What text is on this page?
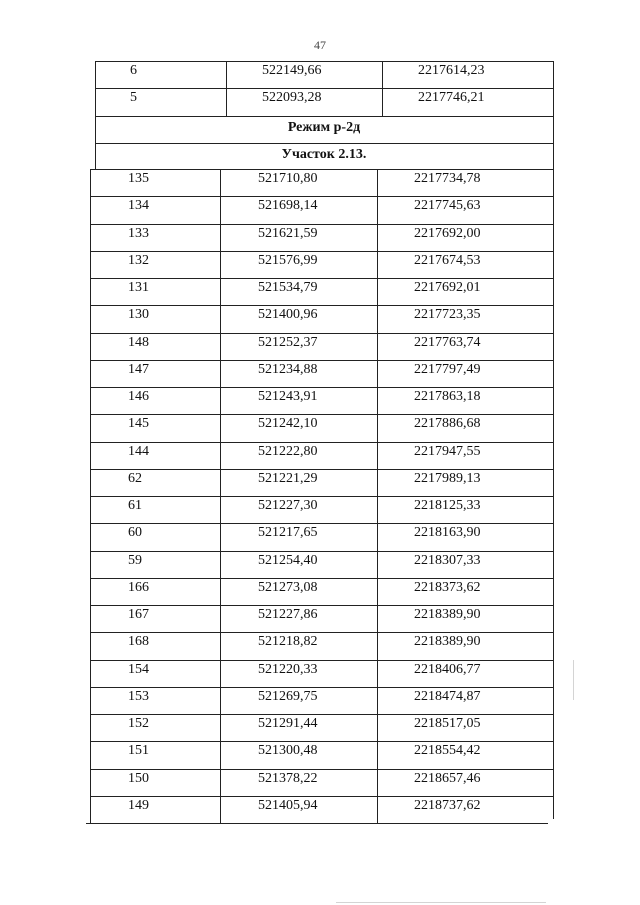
47
6	522149,66	2217614,23
5	522093,28	2217746,21
Режим р-2д
Участок 2.13.
135	521710,80	2217734,78
134	521698,14	2217745,63
133	521621,59	2217692,00
132	521576,99	2217674,53
131	521534,79	2217692,01
130	521400,96	2217723,35
148	521252,37	2217763,74
147	521234,88	2217797,49
146	521243,91	2217863,18
145	521242,10	2217886,68
144	521222,80	2217947,55
62	521221,29	2217989,13
61	521227,30	2218125,33
60	521217,65	2218163,90
59	521254,40	2218307,33
166	521273,08	2218373,62
167	521227,86	2218389,90
168	521218,82	2218389,90
154	521220,33	2218406,77
153	521269,75	2218474,87
152	521291,44	2218517,05
151	521300,48	2218554,42
150	521378,22	2218657,46
149	521405,94	2218737,62
